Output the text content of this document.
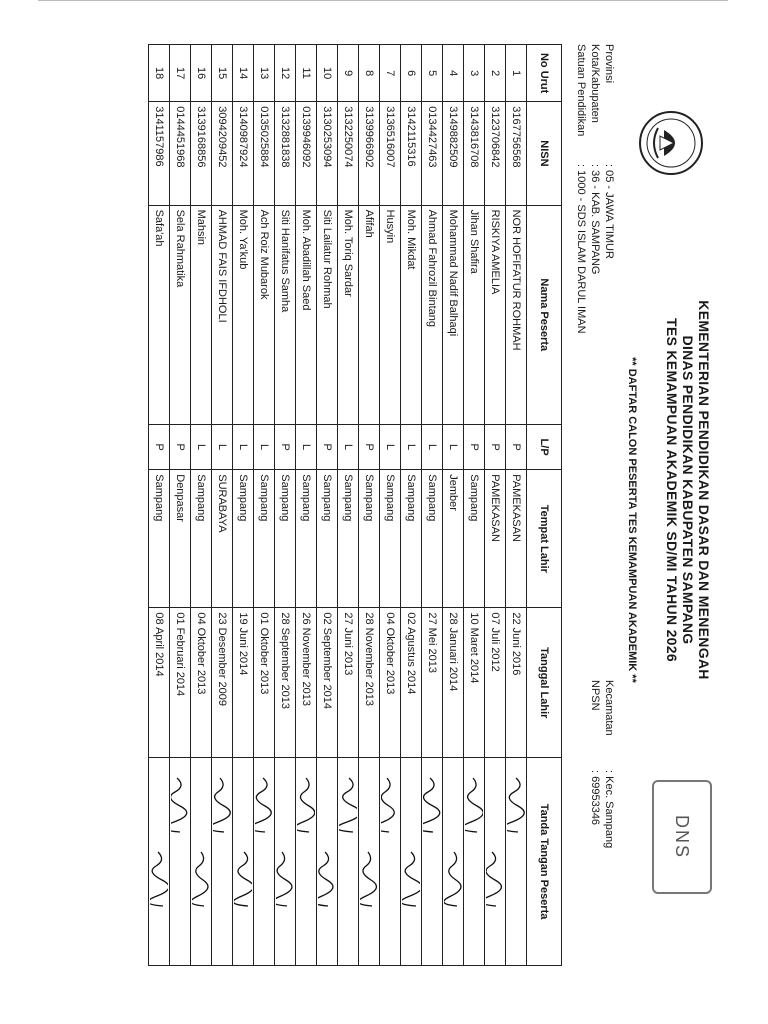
KEMENTERIAN PENDIDIKAN DASAR DAN MENENGAH
DINAS PENDIDIKAN KABUPATEN SAMPANG
TES KEMAMPUAN AKADEMIK SD/MI TAHUN 2026
** DAFTAR CALON PESERTA TES KEMAMPUAN AKADEMIK **
DNS
Provinsi: 05 - JAWA TIMUR
Kota/Kabupaten: 36 - KAB. SAMPANG
Satuan Pendidikan: 1000 - SDS ISLAM DARUL IMAN
Kecamatan: Kec. Sampang
NPSN: 69953346
No Urut	NISN	Nama Peserta	L/P	Tempat Lahir	Tanggal Lahir	Tanda Tangan Peserta
1	3167756568	NOR HOFIFATUR ROHMAH	P	PAMEKASAN	22 Juni 2016	

2	3123706842	RISKIYA AMELIA	P	PAMEKASAN	07 Juli 2012	

3	3143816708	Jihan Shafira	P	Sampang	10 Maret 2014	

4	3149882509	Mohammad Nadif Balhaqi	L	Jember	28 Januari 2014	

5	0134427463	Ahmad Fahrozil Bintang	L	Sampang	27 Mei 2013	

6	3142115316	Moh. Mikdat	L	Sampang	02 Agustus 2014	

7	3136516007	Husyin	L	Sampang	04 Oktober 2013	

8	3139966902	Afifah	P	Sampang	28 November 2013	

9	3132250074	Moh. Toriq Sardar	L	Sampang	27 Juni 2013	

10	3130253094	Siti Lailatur Rohmah	P	Sampang	02 September 2014	

11	0139946092	Moh. Abadillah Saed	L	Sampang	26 November 2013	

12	3132881838	Siti Hanifatus Samha	P	Sampang	28 September 2013	

13	0135025884	Ach Roiz Mubarok	L	Sampang	01 Oktober 2013	

14	3140987924	Moh. Ya'kub	L	Sampang	19 Juni 2014	

15	3094209452	AHMAD FAIS IFDHOLI	L	SURABAYA	23 Desember 2009	

16	3139168856	Mahsin	L	Sampang	04 Oktober 2013	

17	0144451968	Sela Rahmatika	P	Denpasar	01 Februari 2014	

18	3141157986	Safa'ah	P	Sampang	08 April 2014	
